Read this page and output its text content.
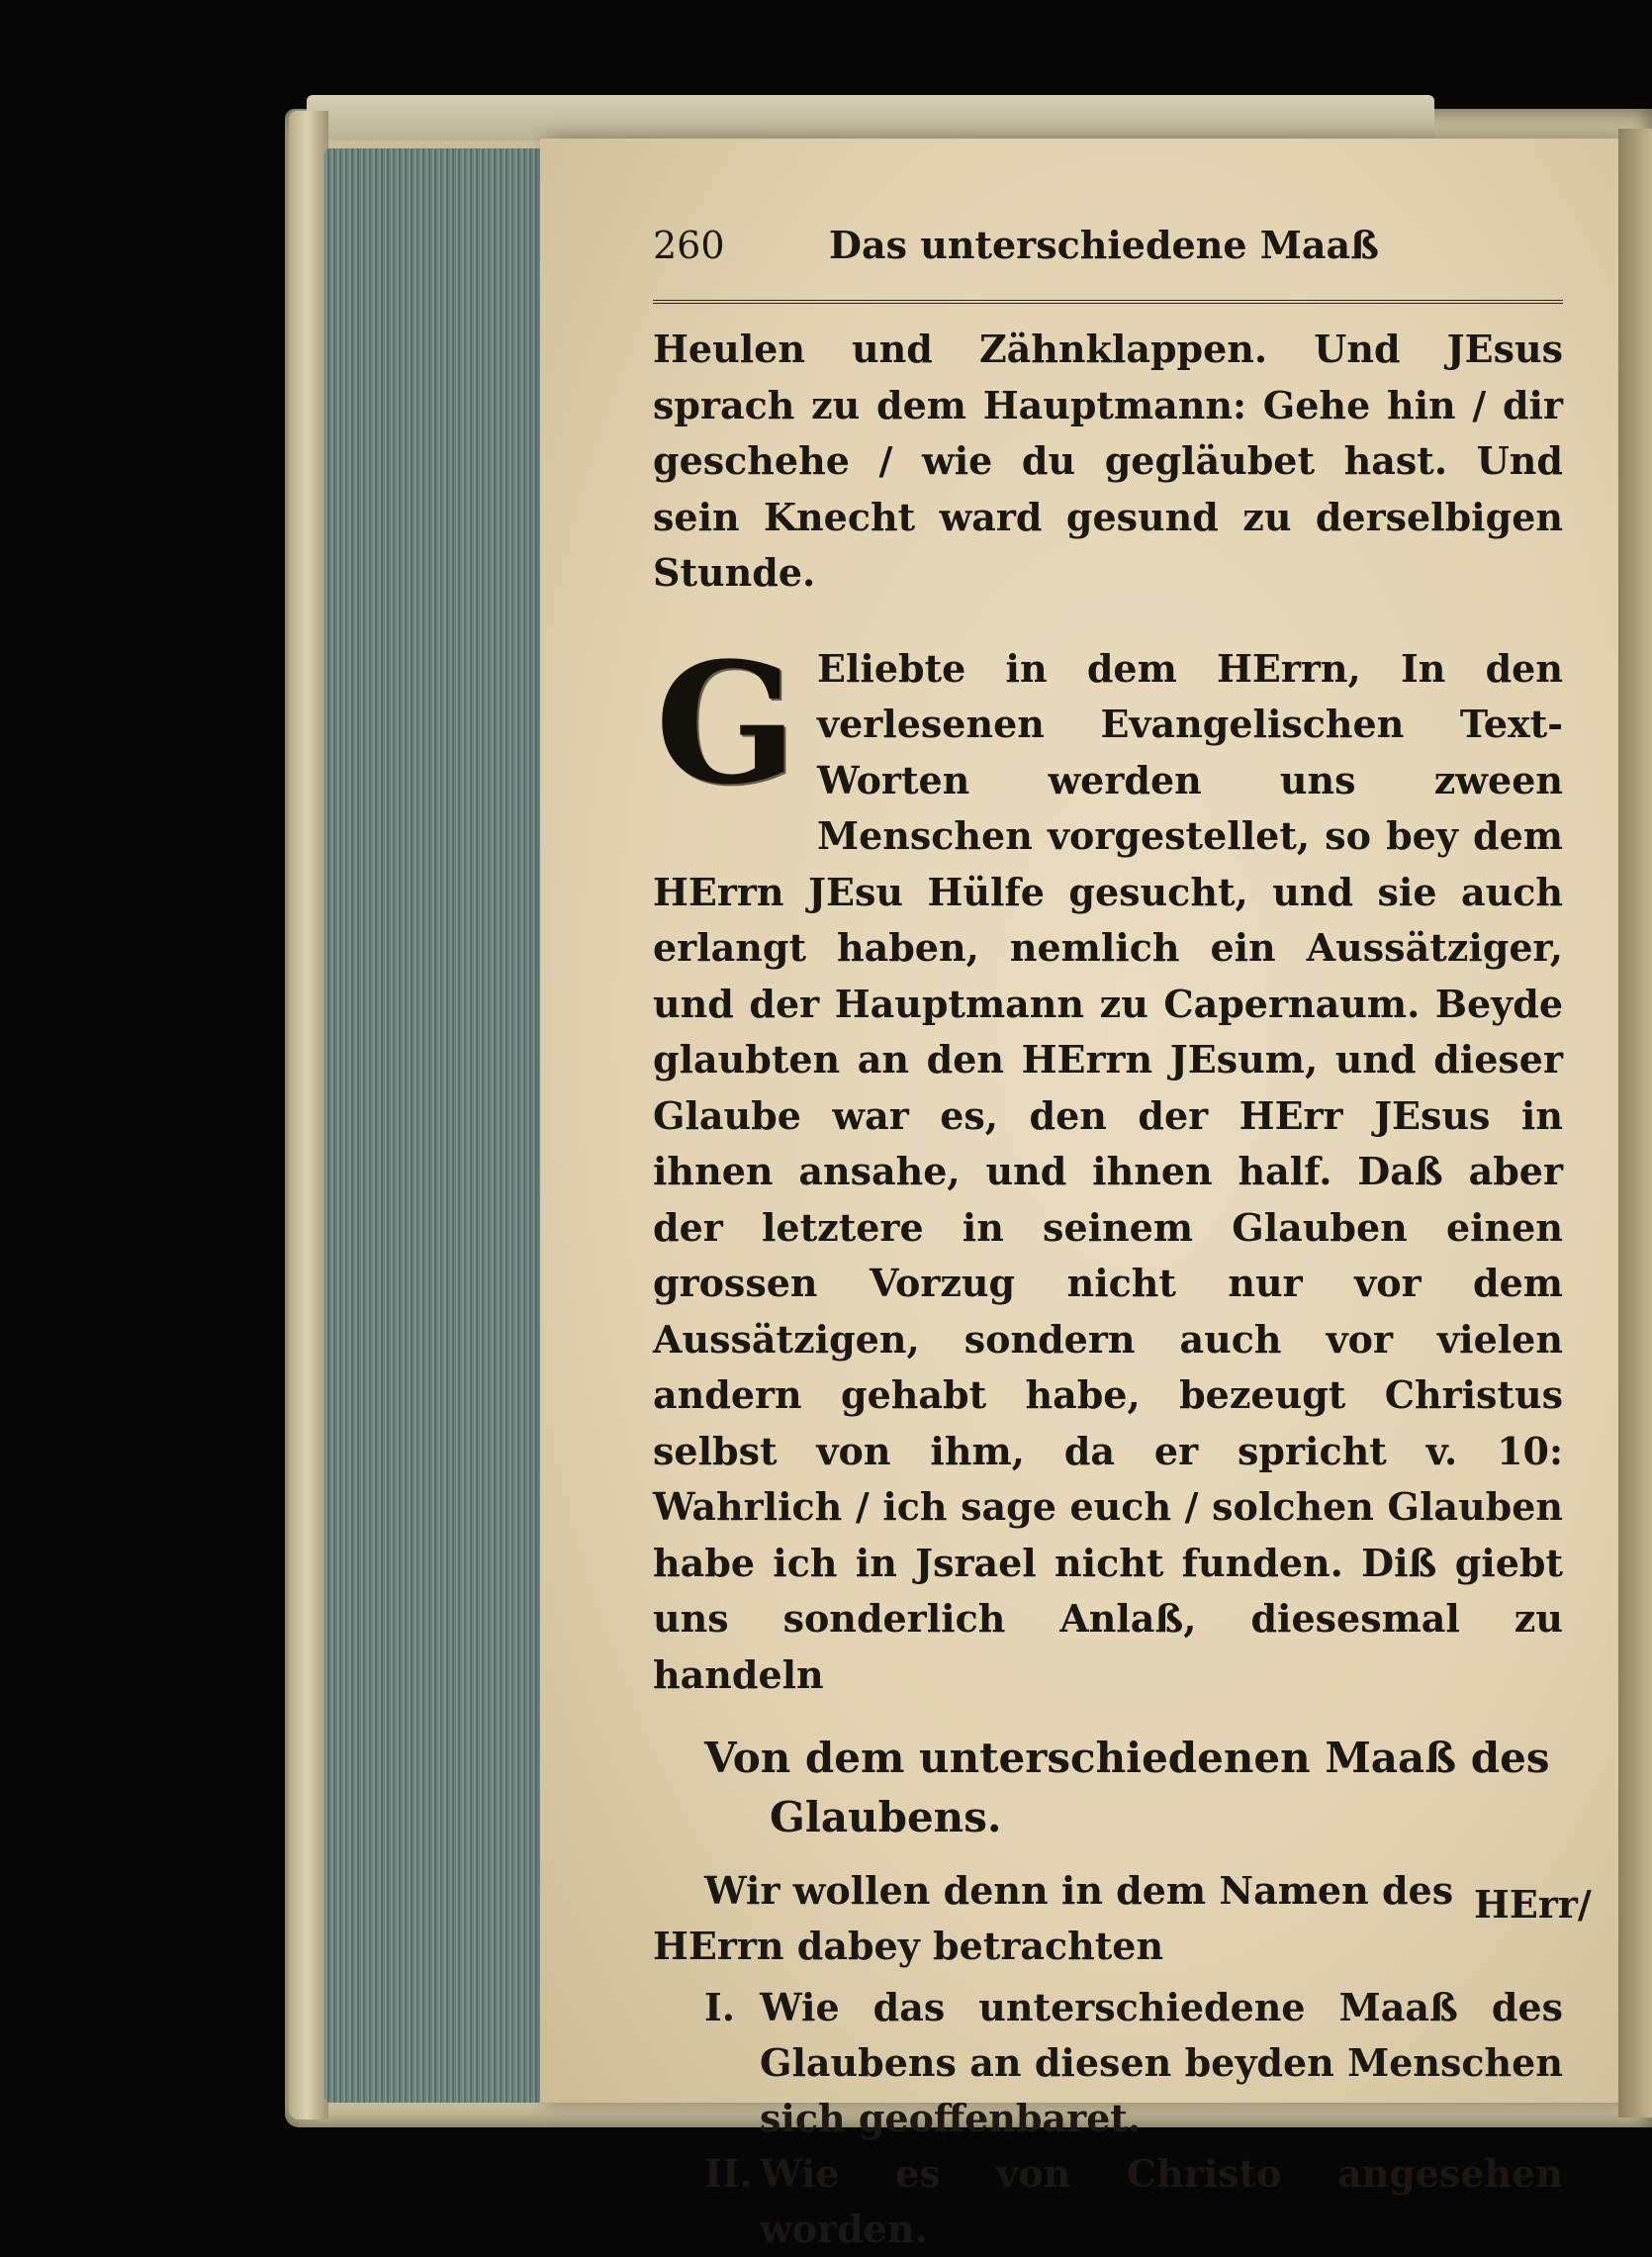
260	Das unterschiedene Maaß

Heulen und Zähnklappen. Und JEsus sprach zu dem Hauptmann: Gehe hin / dir geschehe / wie du gegläubet hast. Und sein Knecht ward gesund zu derselbigen Stunde.

G Eliebte in dem HErrn, In den verlesenen Evangelischen Text-Worten werden uns zween Menschen vorgestellet, so bey dem HErrn JEsu Hülfe gesucht, und sie auch erlangt haben, nemlich ein Aussätziger, und der Hauptmann zu Capernaum. Beyde glaubten an den HErrn JEsum, und dieser Glaube war es, den der HErr JEsus in ihnen ansahe, und ihnen half. Daß aber der letztere in seinem Glauben einen grossen Vorzug nicht nur vor dem Aussätzigen, sondern auch vor vielen andern gehabt habe, bezeugt Christus selbst von ihm, da er spricht v. 10: Wahrlich / ich sage euch / solchen Glauben habe ich in Jsrael nicht funden. Diß giebt uns sonderlich Anlaß, diesesmal zu handeln

Von dem unterschiedenen Maaß des Glaubens.

Wir wollen denn in dem Namen des HErrn dabey betrachten

I. Wie das unterschiedene Maaß des Glaubens an diesen beyden Menschen sich geoffenbaret.
II. Wie es von Christo angesehen worden.
HErr/
